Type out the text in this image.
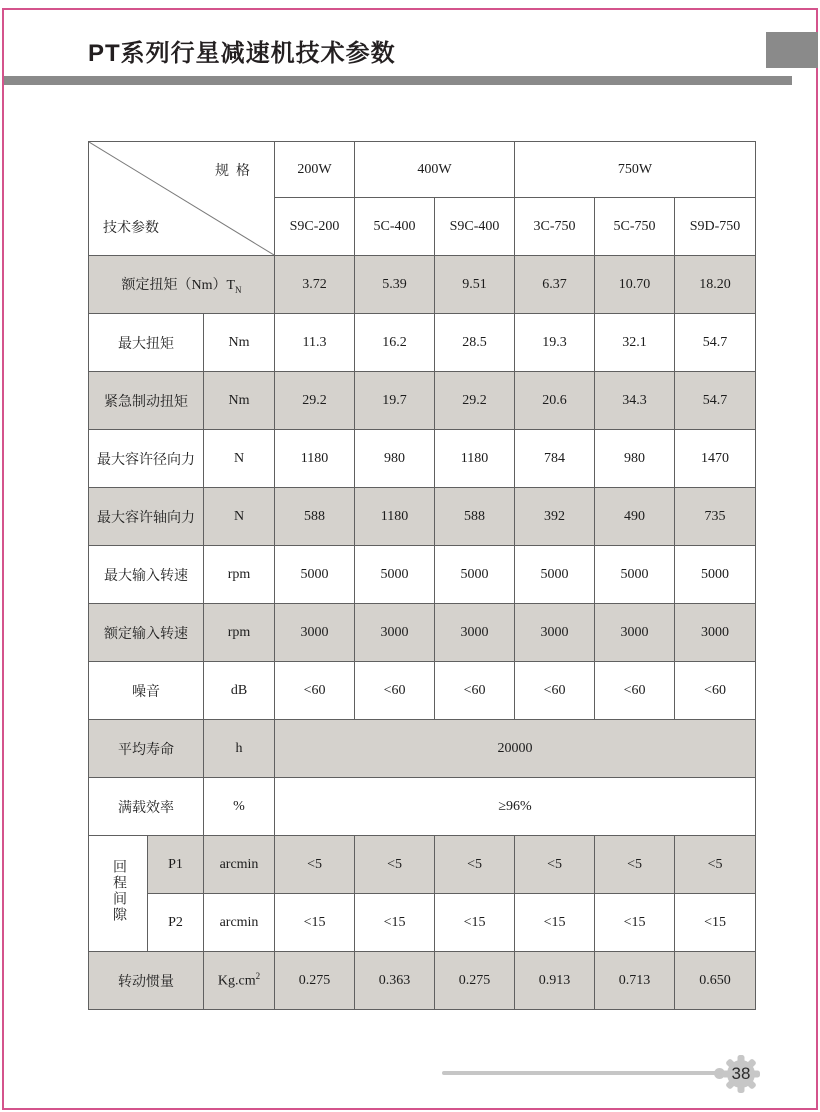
PT系列行星减速机技术参数
规  格
技术参数			200W	400W		750W		
			S9C-200	5C-400	S9C-400	3C-750	5C-750	S9D-750
额定扭矩$(Nm)T_N$			3.72	5.39	9.51	6.37	10.70	18.20
最大扭矩		Nm	11.3	16.2	28.5	19.3	32.1	54.7
紧急制动扭矩		Nm	29.2	19.7	29.2	20.6	34.3	54.7
最大容许径向力		N	1180	980	1180	784	980	1470
最大容许轴向力		N	588	1180	588	392	490	735
最大输入转速		rpm	5000	5000	5000	5000	5000	5000
额定输入转速		rpm	3000	3000	3000	3000	3000	3000
噪音		dB	<60	<60	<60	<60	<60	<60
平均寿命		h	20000					
满载效率		%	≥96%					
回程间隙	P1	arcmin	<5	<5	<5	<5	<5	<5
	P2	arcmin	<15	<15	<15	<15	<15	<15
转动惯量		$Kg.cm^2$	0.275	0.363	0.275	0.913	0.713	0.650
38
